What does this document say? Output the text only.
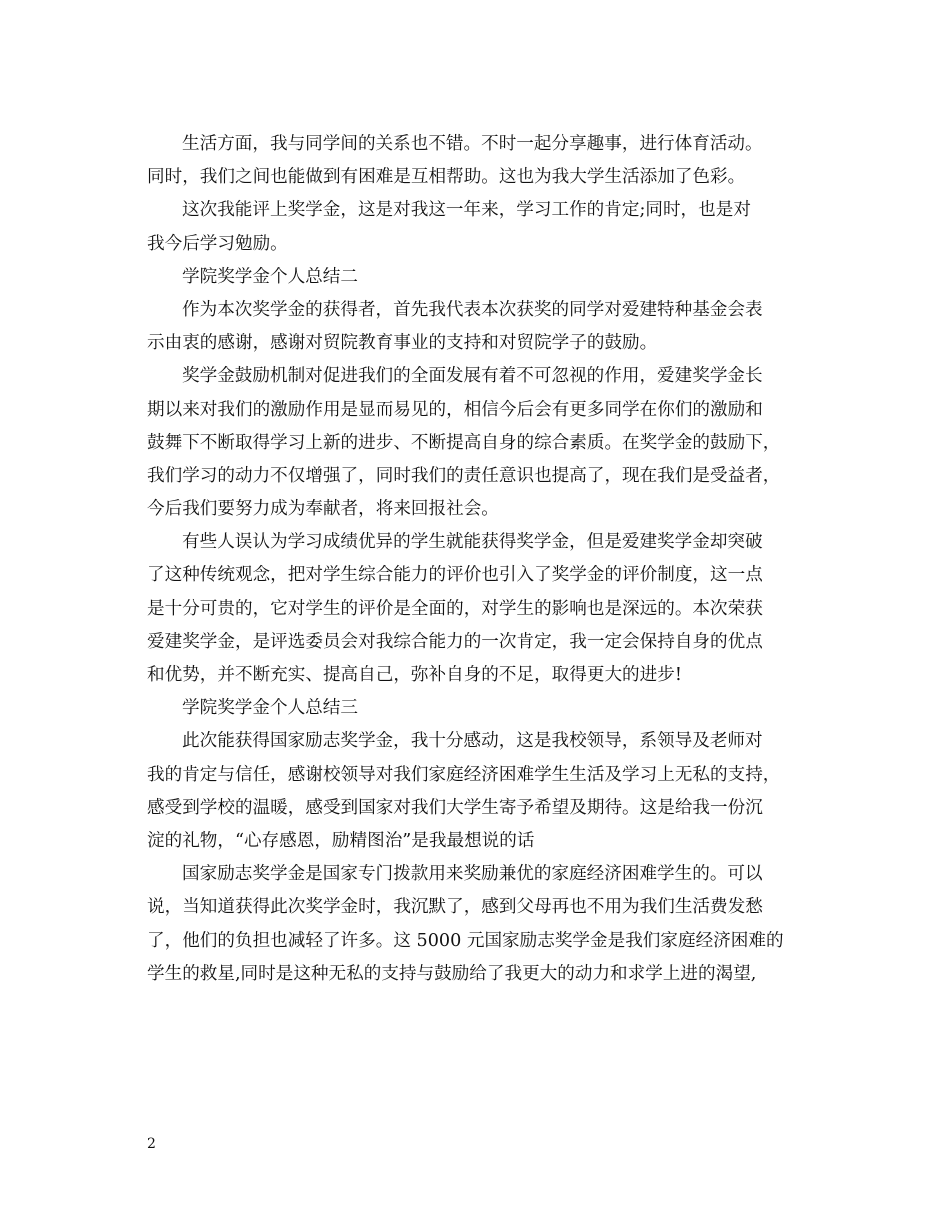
生活方面，我与同学间的关系也不错。不时一起分享趣事，进行体育活动。
同时，我们之间也能做到有困难是互相帮助。这也为我大学生活添加了色彩。
这次我能评上奖学金，这是对我这一年来，学习工作的肯定;同时，也是对
我今后学习勉励。
学院奖学金个人总结二
作为本次奖学金的获得者，首先我代表本次获奖的同学对爱建特种基金会表
示由衷的感谢，感谢对贸院教育事业的支持和对贸院学子的鼓励。
奖学金鼓励机制对促进我们的全面发展有着不可忽视的作用，爱建奖学金长
期以来对我们的激励作用是显而易见的，相信今后会有更多同学在你们的激励和
鼓舞下不断取得学习上新的进步、不断提高自身的综合素质。在奖学金的鼓励下，
我们学习的动力不仅增强了，同时我们的责任意识也提高了，现在我们是受益者，
今后我们要努力成为奉献者，将来回报社会。
有些人误认为学习成绩优异的学生就能获得奖学金，但是爱建奖学金却突破
了这种传统观念，把对学生综合能力的评价也引入了奖学金的评价制度，这一点
是十分可贵的，它对学生的评价是全面的，对学生的影响也是深远的。本次荣获
爱建奖学金，是评选委员会对我综合能力的一次肯定，我一定会保持自身的优点
和优势，并不断充实、提高自己，弥补自身的不足，取得更大的进步!
学院奖学金个人总结三
此次能获得国家励志奖学金，我十分感动，这是我校领导，系领导及老师对
我的肯定与信任，感谢校领导对我们家庭经济困难学生生活及学习上无私的支持，
感受到学校的温暖，感受到国家对我们大学生寄予希望及期待。这是给我一份沉
淀的礼物，“心存感恩，励精图治”是我最想说的话
国家励志奖学金是国家专门拨款用来奖励兼优的家庭经济困难学生的。可以
说，当知道获得此次奖学金时，我沉默了，感到父母再也不用为我们生活费发愁
了，他们的负担也减轻了许多。这 5000 元国家励志奖学金是我们家庭经济困难的
学生的救星,同时是这种无私的支持与鼓励给了我更大的动力和求学上进的渴望,
2
